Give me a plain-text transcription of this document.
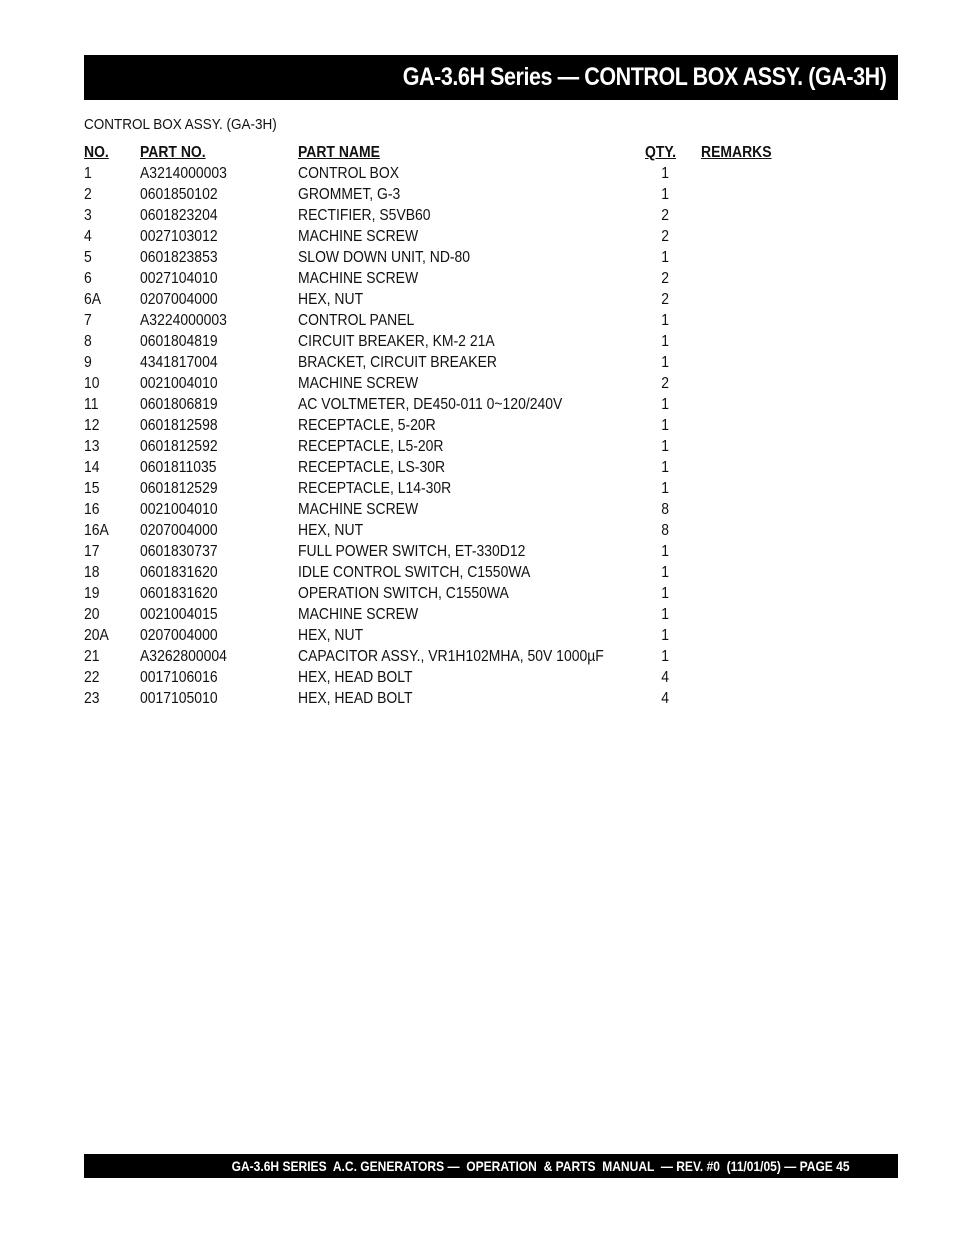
GA-3.6H Series — CONTROL BOX ASSY. (GA-3H)
CONTROL BOX ASSY. (GA-3H)
NO. PART NO.	PART NAME	QTY. REMARKS
1	A3214000003	CONTROL BOX	1
2	0601850102	GROMMET, G-3	1
3	0601823204	RECTIFIER, S5VB60	2
4	0027103012	MACHINE SCREW	2
5	0601823853	SLOW DOWN UNIT, ND-80	1
6	0027104010	MACHINE SCREW	2
6A	0207004000	HEX, NUT	2
7	A3224000003	CONTROL PANEL	1
8	0601804819	CIRCUIT BREAKER, KM-2 21A	1
9	4341817004	BRACKET, CIRCUIT BREAKER	1
10	0021004010	MACHINE SCREW	2
11	0601806819	AC VOLTMETER, DE450-011 0~120/240V	1
12	0601812598	RECEPTACLE, 5-20R	1
13	0601812592	RECEPTACLE, L5-20R	1
14	0601811035	RECEPTACLE, LS-30R	1
15	0601812529	RECEPTACLE, L14-30R	1
16	0021004010	MACHINE SCREW	8
16A 0207004000	HEX, NUT	8
17	0601830737	FULL POWER SWITCH, ET-330D12	1
18	0601831620	IDLE CONTROL SWITCH, C1550WA	1
19	0601831620	OPERATION SWITCH, C1550WA	1
20	0021004015	MACHINE SCREW	1
20A 0207004000	HEX, NUT	1
21	A3262800004	CAPACITOR ASSY., VR1H102MHA, 50V 1000µF	1
22	0017106016	HEX, HEAD BOLT	4
23	0017105010	HEX, HEAD BOLT	4
GA-3.6H SERIES  A.C. GENERATORS —  OPERATION  & PARTS  MANUAL  — REV. #0  (11/01/05) — PAGE 45
